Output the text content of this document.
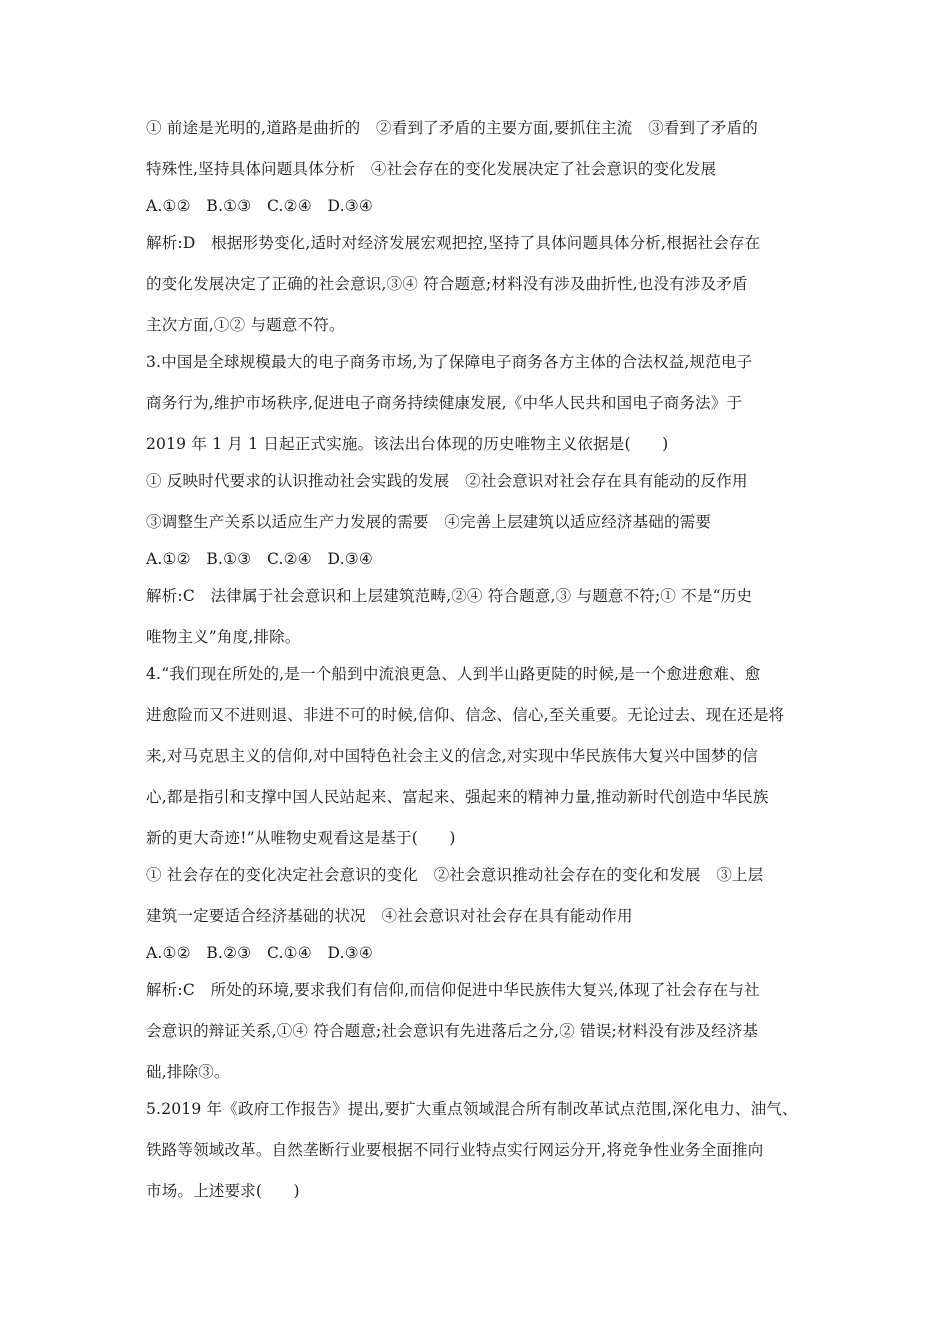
① 前途是光明的,道路是曲折的　②看到了矛盾的主要方面,要抓住主流　③看到了矛盾的
特殊性,坚持具体问题具体分析　④社会存在的变化发展决定了社会意识的变化发展
A.①②　B.①③　C.②④　D.③④
解析:D　根据形势变化,适时对经济发展宏观把控,坚持了具体问题具体分析,根据社会存在
的变化发展决定了正确的社会意识,③④ 符合题意;材料没有涉及曲折性,也没有涉及矛盾
主次方面,①② 与题意不符。
3.中国是全球规模最大的电子商务市场,为了保障电子商务各方主体的合法权益,规范电子
商务行为,维护市场秩序,促进电子商务持续健康发展,《中华人民共和国电子商务法》于
2019 年 1 月 1 日起正式实施。该法出台体现的历史唯物主义依据是(　　)
① 反映时代要求的认识推动社会实践的发展　②社会意识对社会存在具有能动的反作用
③调整生产关系以适应生产力发展的需要　④完善上层建筑以适应经济基础的需要
A.①②　B.①③　C.②④　D.③④
解析:C　法律属于社会意识和上层建筑范畴,②④ 符合题意,③ 与题意不符;① 不是“历史
唯物主义”角度,排除。
4.“我们现在所处的,是一个船到中流浪更急、人到半山路更陡的时候,是一个愈进愈难、愈
进愈险而又不进则退、非进不可的时候,信仰、信念、信心,至关重要。无论过去、现在还是将
来,对马克思主义的信仰,对中国特色社会主义的信念,对实现中华民族伟大复兴中国梦的信
心,都是指引和支撑中国人民站起来、富起来、强起来的精神力量,推动新时代创造中华民族
新的更大奇迹!”从唯物史观看这是基于(　　)
① 社会存在的变化决定社会意识的变化　②社会意识推动社会存在的变化和发展　③上层
建筑一定要适合经济基础的状况　④社会意识对社会存在具有能动作用
A.①②　B.②③　C.①④　D.③④
解析:C　所处的环境,要求我们有信仰,而信仰促进中华民族伟大复兴,体现了社会存在与社
会意识的辩证关系,①④ 符合题意;社会意识有先进落后之分,② 错误;材料没有涉及经济基
础,排除③。
5.2019 年《政府工作报告》提出,要扩大重点领域混合所有制改革试点范围,深化电力、油气、
铁路等领域改革。自然垄断行业要根据不同行业特点实行网运分开,将竞争性业务全面推向
市场。上述要求(　　)
